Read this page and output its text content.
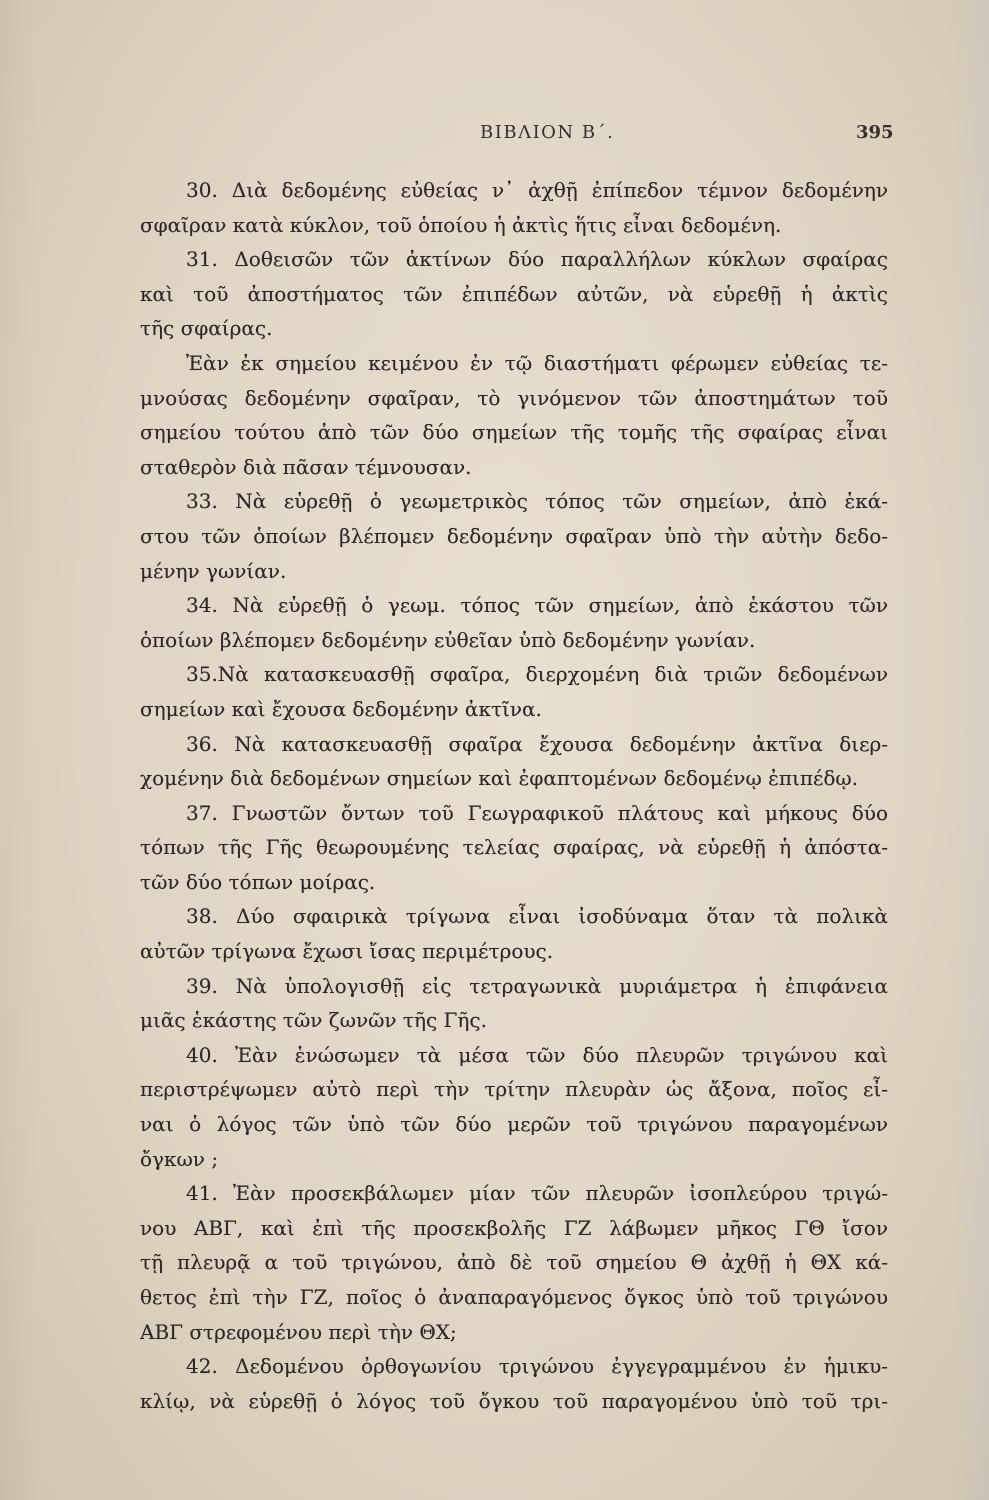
ΒΙΒΛΙΟΝ Β΄.	395
30. Διὰ δεδομένης εὐθείας ν᾽ ἀχθῇ ἐπίπεδον τέμνον δεδομένην
σφαῖραν κατὰ κύκλον, τοῦ ὁποίου ἡ ἀκτὶς ἥτις εἶναι δεδομένη.
31. Δοθεισῶν τῶν ἀκτίνων δύο παραλλήλων κύκλων σφαίρας
καὶ τοῦ ἀποστήματος τῶν ἐπιπέδων αὐτῶν, νὰ εὑρεθῇ ἡ ἀκτὶς
τῆς σφαίρας.
Ἐὰν ἐκ σημείου κειμένου ἐν τῷ διαστήματι φέρωμεν εὐθείας τε-
μνούσας δεδομένην σφαῖραν, τὸ γινόμενον τῶν ἀποστημάτων τοῦ
σημείου τούτου ἀπὸ τῶν δύο σημείων τῆς τομῆς τῆς σφαίρας εἶναι
σταθερὸν διὰ πᾶσαν τέμνουσαν.
33. Νὰ εὑρεθῇ ὁ γεωμετρικὸς τόπος τῶν σημείων, ἀπὸ ἑκά-
στου τῶν ὁποίων βλέπομεν δεδομένην σφαῖραν ὑπὸ τὴν αὐτὴν δεδο-
μένην γωνίαν.
34. Νὰ εὑρεθῇ ὁ γεωμ. τόπος τῶν σημείων, ἀπὸ ἑκάστου τῶν
ὁποίων βλέπομεν δεδομένην εὐθεῖαν ὑπὸ δεδομένην γωνίαν.
35.Νὰ κατασκευασθῇ σφαῖρα, διερχομένη διὰ τριῶν δεδομένων
σημείων καὶ ἔχουσα δεδομένην ἀκτῖνα.
36. Νὰ κατασκευασθῇ σφαῖρα ἔχουσα δεδομένην ἀκτῖνα διερ-
χομένην διὰ δεδομένων σημείων καὶ ἐφαπτομένων δεδομένῳ ἐπιπέδῳ.
37. Γνωστῶν ὄντων τοῦ Γεωγραφικοῦ πλάτους καὶ μήκους δύο
τόπων τῆς Γῆς θεωρουμένης τελείας σφαίρας, νὰ εὑρεθῇ ἡ ἀπόστα-
τῶν δύο τόπων μοίρας.
38. Δύο σφαιρικὰ τρίγωνα εἶναι ἰσοδύναμα ὅταν τὰ πολικὰ
αὐτῶν τρίγωνα ἔχωσι ἴσας περιμέτρους.
39. Νὰ ὑπολογισθῇ εἰς τετραγωνικὰ μυριάμετρα ἡ ἐπιφάνεια
μιᾶς ἑκάστης τῶν ζωνῶν τῆς Γῆς.
40. Ἐὰν ἑνώσωμεν τὰ μέσα τῶν δύο πλευρῶν τριγώνου καὶ
περιστρέψωμεν αὐτὸ περὶ τὴν τρίτην πλευρὰν ὡς ἄξονα, ποῖος εἶ-
ναι ὁ λόγος τῶν ὑπὸ τῶν δύο μερῶν τοῦ τριγώνου παραγομένων
ὄγκων ;
41. Ἐὰν προσεκβάλωμεν μίαν τῶν πλευρῶν ἰσοπλεύρου τριγώ-
νου ΑΒΓ, καὶ ἐπὶ τῆς προσεκβολῆς ΓΖ λάβωμεν μῆκος ΓΘ ἴσον
τῇ πλευρᾷ α τοῦ τριγώνου, ἀπὸ δὲ τοῦ σημείου Θ ἀχθῇ ἡ ΘΧ κά-
θετος ἐπὶ τὴν ΓΖ, ποῖος ὁ ἀναπαραγόμενος ὄγκος ὑπὸ τοῦ τριγώνου
ΑΒΓ στρεφομένου περὶ τὴν ΘΧ;
42. Δεδομένου ὀρθογωνίου τριγώνου ἐγγεγραμμένου ἐν ἡμικυ-
κλίῳ, νὰ εὑρεθῇ ὁ λόγος τοῦ ὄγκου τοῦ παραγομένου ὑπὸ τοῦ τρι-
